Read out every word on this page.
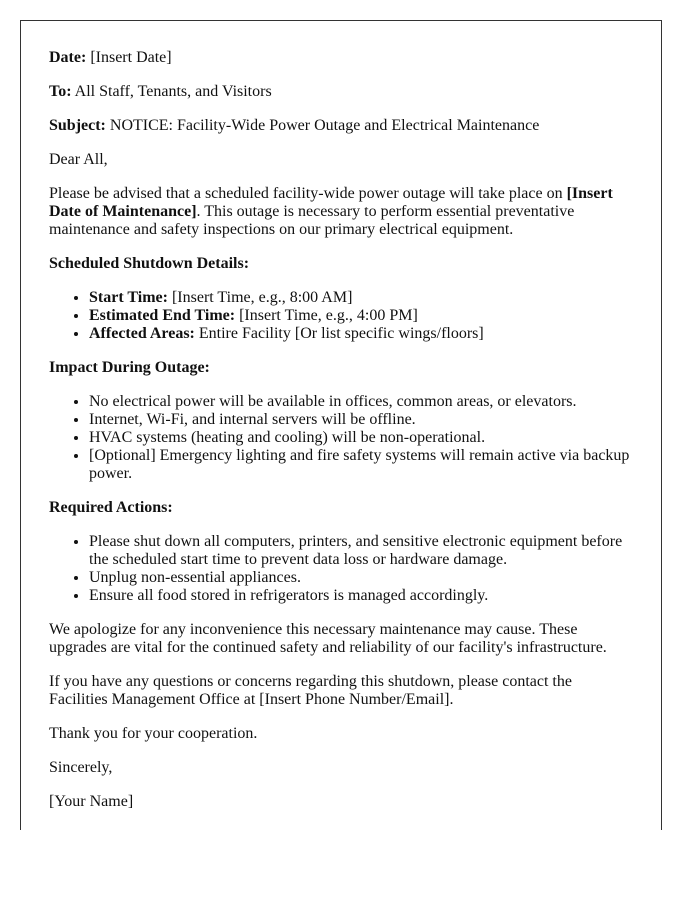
Date: [Insert Date]

To: All Staff, Tenants, and Visitors

Subject: NOTICE: Facility-Wide Power Outage and Electrical Maintenance

Dear All,

Please be advised that a scheduled facility-wide power outage will take place on [Insert Date of Maintenance]. This outage is necessary to perform essential preventative maintenance and safety inspections on our primary electrical equipment.

Scheduled Shutdown Details:

• Start Time: [Insert Time, e.g., 8:00 AM]
• Estimated End Time: [Insert Time, e.g., 4:00 PM]
• Affected Areas: Entire Facility [Or list specific wings/floors]

Impact During Outage:

• No electrical power will be available in offices, common areas, or elevators.
• Internet, Wi-Fi, and internal servers will be offline.
• HVAC systems (heating and cooling) will be non-operational.
• [Optional] Emergency lighting and fire safety systems will remain active via backup power.

Required Actions:

• Please shut down all computers, printers, and sensitive electronic equipment before the scheduled start time to prevent data loss or hardware damage.
• Unplug non-essential appliances.
• Ensure all food stored in refrigerators is managed accordingly.

We apologize for any inconvenience this necessary maintenance may cause. These upgrades are vital for the continued safety and reliability of our facility's infrastructure.

If you have any questions or concerns regarding this shutdown, please contact the Facilities Management Office at [Insert Phone Number/Email].

Thank you for your cooperation.

Sincerely,

[Your Name]
